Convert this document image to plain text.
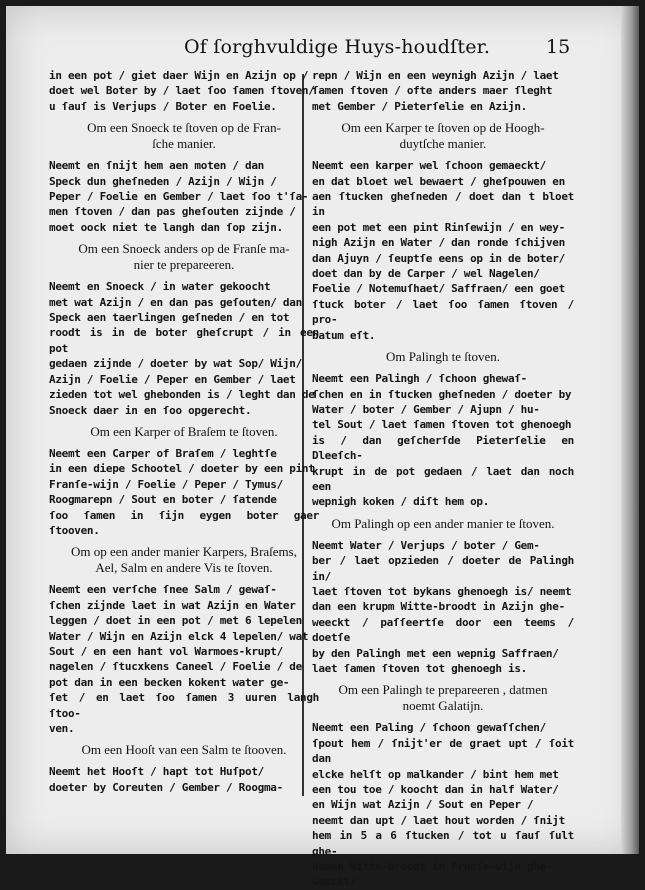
Of ſorghvuldige Huys-houdſter.	15
in een pot / giet daer Wijn en Azijn op /
doet wel Boter by / laet ſoo ſamen ſtoven/
u ſauſ is Verjups / Boter en Foelie.
Om een Snoeck te ſtoven op de Fran-
ſche manier.
Neemt en ſnijt hem aen moten / dan
Speck dun gheſneden / Azijn / Wijn /
Peper / Foelie en Gember / laet ſoo t'ſa-
men ſtoven / dan pas gheſouten zijnde /
moet oock niet te langh dan ſop zijn.
Om een Snoeck anders op de Franſe ma-
nier te prepareeren.
Neemt en Snoeck / in water gekoocht
met wat Azijn / en dan pas geſouten/ dan
Speck aen taerlingen geſneden / en tot
roodt is in de boter gheſcrupt / in een pot
gedaen zijnde / doeter by wat Sop/ Wijn/
Azijn / Foelie / Peper en Gember / laet
zieden tot wel ghebonden is / leght dan de
Snoeck daer in en ſoo opgerecht.
Om een Karper of Braſem te ſtoven.
Neemt een Carper of Braſem / leghtſe
in een diepe Schootel / doeter by een pint
Franſe-wijn / Foelie / Peper / Tymus/
Roogmarepn / Sout en boter / ſatende
ſoo ſamen in ſijn eygen boter gaer ſtooven.
Om op een ander manier Karpers, Braſems,
Ael, Salm en andere Vis te ſtoven.
Neemt een verſche ſnee Salm / gewaſ-
ſchen zijnde laet in wat Azijn en Water
leggen / doet in een pot / met 6 lepelen
Water / Wijn en Azijn elck 4 lepelen/ wat
Sout / en een hant vol Warmoes-krupt/
nagelen / ſtucxkens Caneel / Foelie / de
pot dan in een becken kokent water ge-
ſet / en laet ſoo ſamen 3 uuren langh ſtoo-
ven.
Om een Hooſt van een Salm te ſtooven.
Neemt het Hooſt / hapt tot Huſpot/
doeter by Coreuten / Gember / Roogma-
repn / Wijn en een weynigh Azijn / laet
ſamen ſtoven / ofte anders maer ſleght
met Gember / Pieterſelie en Azijn.
Om een Karper te ſtoven op de Hoogh-
duytſche manier.
Neemt een karper wel ſchoon gemaeckt/
en dat bloet wel bewaert / gheſpouwen en
aen ſtucken gheſneden / doet dan t bloet in
een pot met een pint Rinſewijn / en wey-
nigh Azijn en Water / dan ronde ſchijven
dan Ajuyn / ſeuptſe eens op in de boter/
doet dan by de Carper / wel Nagelen/
Foelie / Notemuſhaet/ Saffraen/ een goet
ſtuck boter / laet ſoo ſamen ſtoven / pro-
batum eſt.
Om Palingh te ſtoven.
Neemt een Palingh / ſchoon ghewaſ-
ſchen en in ſtucken gheſneden / doeter by
Water / boter / Gember / Ajupn / hu-
tel Sout / laet ſamen ſtoven tot ghenoegh
is / dan geſcherſde Pieterſelie en Dleeſch-
krupt in de pot gedaen / laet dan noch een
wepnigh koken / diſt hem op.
Om Palingh op een ander manier te ſtoven.
Neemt Water / Verjups / boter / Gem-
ber / laet opzieden / doeter de Palingh in/
laet ſtoven tot bykans ghenoegh is/ neemt
dan een krupm Witte-broodt in Azijn ghe-
weeckt / paſſeertſe door een teems / doetſe
by den Palingh met een wepnig Saffraen/
laet ſamen ſtoven tot ghenoegh is.
Om een Palingh te prepareeren , datmen
noemt Galatijn.
Neemt een Paling / ſchoon gewaſſchen/
ſpout hem / ſnijt'er de graet upt / ſoit dan
elcke helſt op malkander / bint hem met
een tou toe / koocht dan in half Water/
en Wijn wat Azijn / Sout en Peper /
neemt dan upt / laet hout worden / ſnijt
hem in 5 a 6 ſtucken / tot u ſauſ ſult ghe-
nemen Witte-broodt in Franſe-wijn ghe-
weeckt/
